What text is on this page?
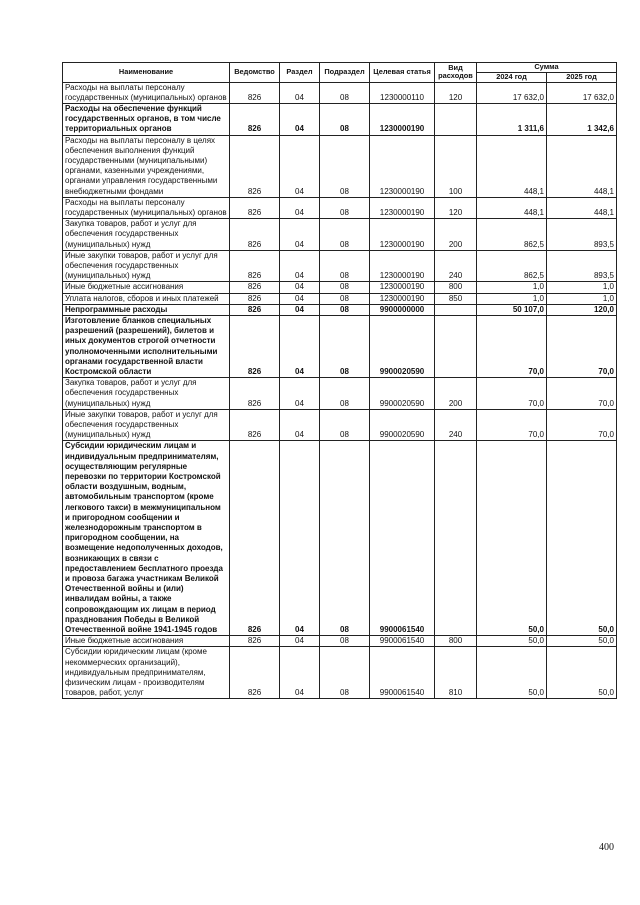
Наименование	Ведомство	Раздел	Подраздел	Целевая статья	Вид расходов	Сумма	
						2024 год	2025 год
Расходы на выплаты персоналу государственных (муниципальных) органов	826	04	08	1230000110	120	17 632,0	17 632,0
Расходы на обеспечение функций государственных органов, в том числе территориальных органов	826	04	08	1230000190		1 311,6	1 342,6
Расходы на выплаты персоналу в целях обеспечения выполнения функций государственными (муниципальными) органами, казенными учреждениями, органами управления государственными внебюджетными фондами	826	04	08	1230000190	100	448,1	448,1
Расходы на выплаты персоналу государственных (муниципальных) органов	826	04	08	1230000190	120	448,1	448,1
Закупка товаров, работ и услуг для обеспечения государственных (муниципальных) нужд	826	04	08	1230000190	200	862,5	893,5
Иные закупки товаров, работ и услуг для обеспечения государственных (муниципальных) нужд	826	04	08	1230000190	240	862,5	893,5
Иные бюджетные ассигнования	826	04	08	1230000190	800	1,0	1,0
Уплата налогов, сборов и иных платежей	826	04	08	1230000190	850	1,0	1,0
Непрограммные расходы	826	04	08	9900000000		50 107,0	120,0
Изготовление бланков специальных разрешений (разрешений), билетов и иных документов строгой отчетности уполномоченными исполнительными органами государственной власти Костромской области	826	04	08	9900020590		70,0	70,0
Закупка товаров, работ и услуг для обеспечения государственных (муниципальных) нужд	826	04	08	9900020590	200	70,0	70,0
Иные закупки товаров, работ и услуг для обеспечения государственных (муниципальных) нужд	826	04	08	9900020590	240	70,0	70,0
Субсидии юридическим лицам и индивидуальным предпринимателям, осуществляющим регулярные перевозки по территории Костромской области воздушным, водным, автомобильным транспортом (кроме легкового такси) в межмуниципальном и пригородном сообщении и железнодорожным транспортом в пригородном сообщении, на возмещение недополученных доходов, возникающих в связи с предоставлением бесплатного проезда и провоза багажа участникам Великой Отечественной войны и (или) инвалидам войны, а также сопровождающим их лицам в период празднования Победы в Великой Отечественной войне 1941-1945 годов	826	04	08	9900061540		50,0	50,0
Иные бюджетные ассигнования	826	04	08	9900061540	800	50,0	50,0
Субсидии юридическим лицам (кроме некоммерческих организаций), индивидуальным предпринимателям, физическим лицам - производителям товаров, работ, услуг	826	04	08	9900061540	810	50,0	50,0
400
